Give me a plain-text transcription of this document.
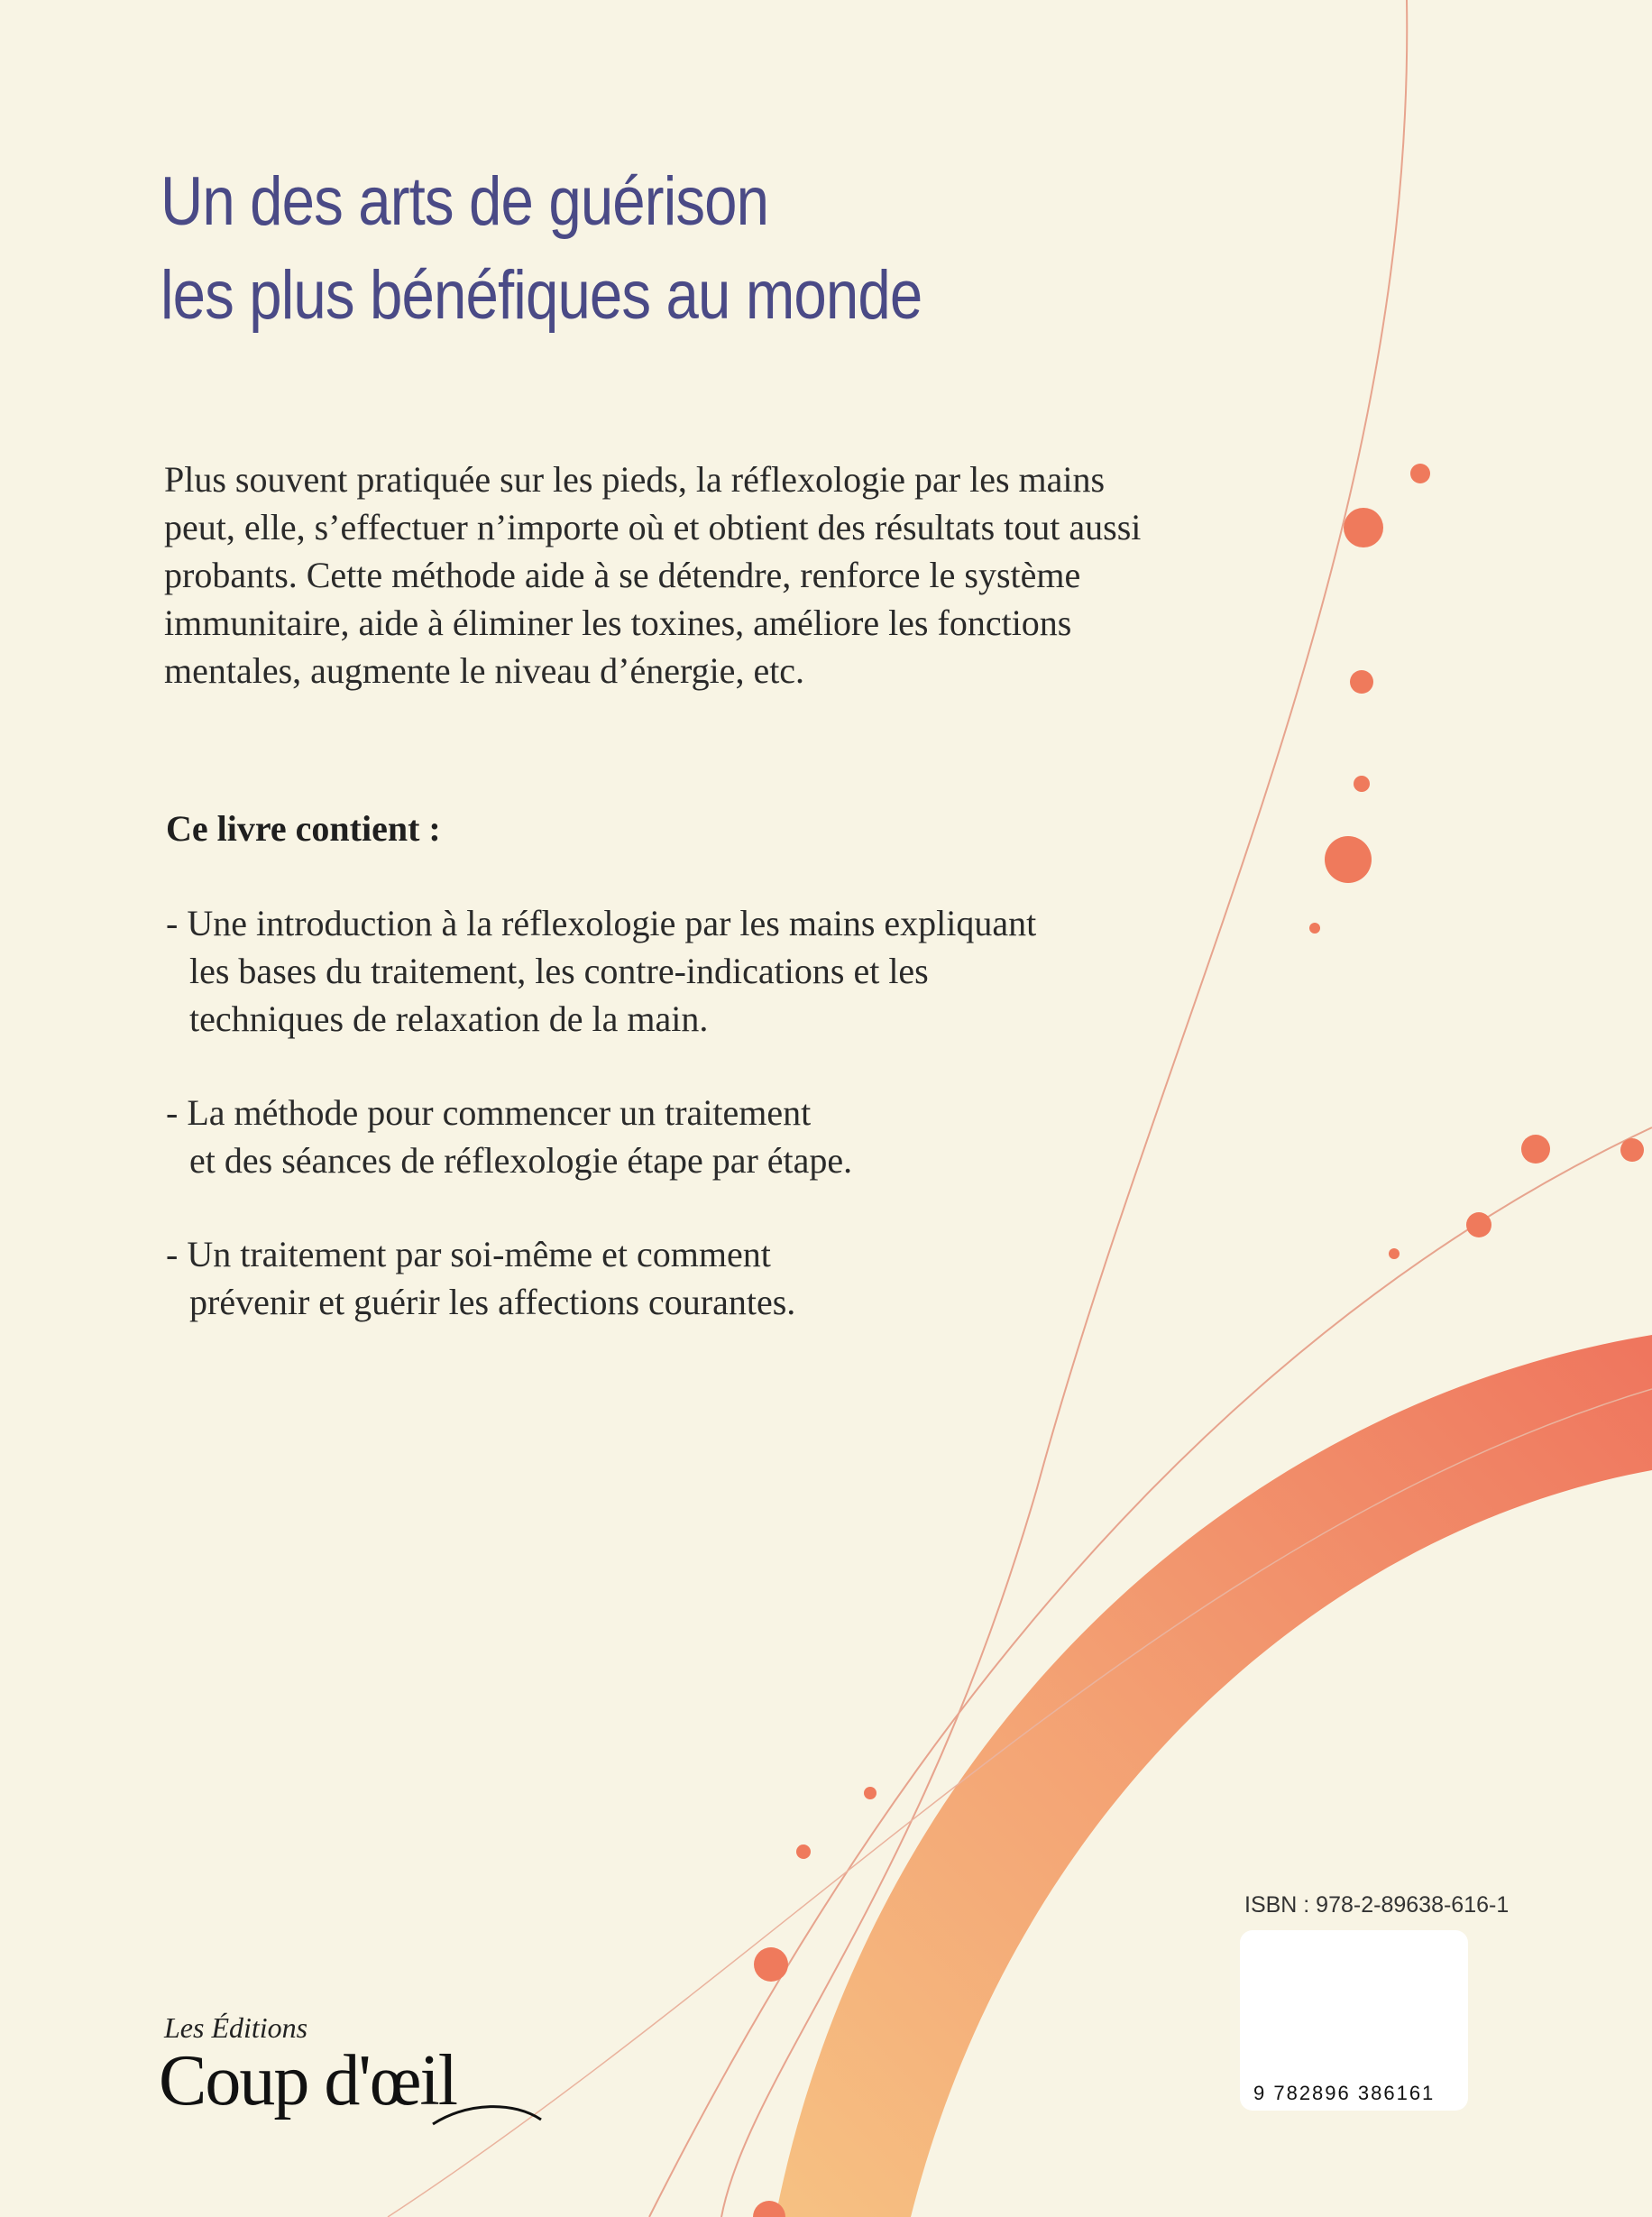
Un des arts de guérison
les plus bénéfiques au monde
Plus souvent pratiquée sur les pieds, la réflexologie par les mains
peut, elle, s’effectuer n’importe où et obtient des résultats tout aussi
probants. Cette méthode aide à se détendre, renforce le système
immunitaire, aide à éliminer les toxines, améliore les fonctions
mentales, augmente le niveau d’énergie, etc.
Ce livre contient :
- Une introduction à la réflexologie par les mains expliquant
les bases du traitement, les contre-indications et les
techniques de relaxation de la main.
- La méthode pour commencer un traitement
et des séances de réflexologie étape par étape.
- Un traitement par soi-même et comment
prévenir et guérir les affections courantes.
ISBN : 978-2-89638-616-1
9 782896 386161
Les Éditions
Coup d'œil
